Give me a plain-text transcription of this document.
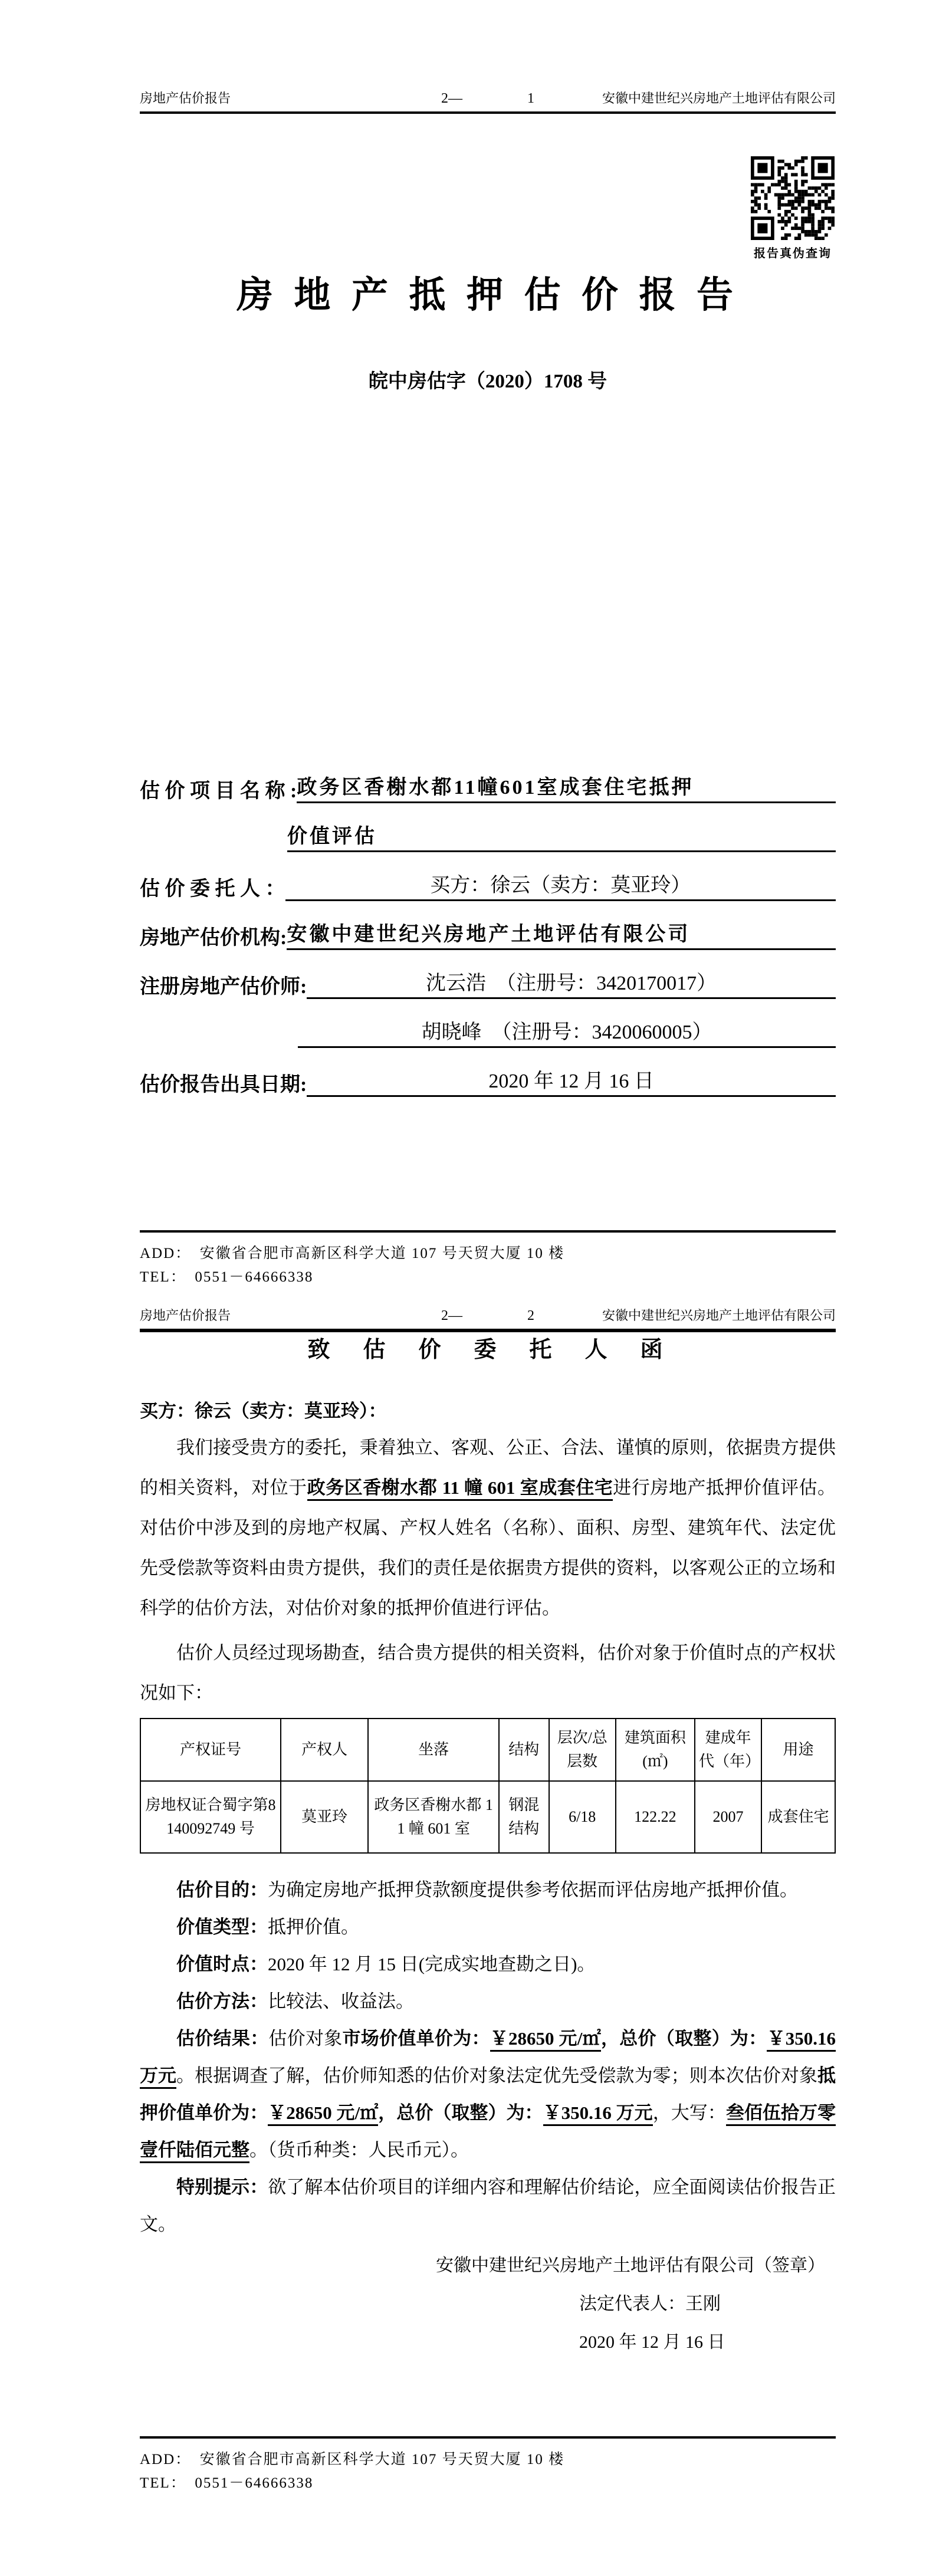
房地产估价报告	2—	1	安徽中建世纪兴房地产土地评估有限公司
报告真伪查询
房 地 产 抵 押 估 价 报 告
皖中房估字（2020）1708 号
估 价 项 目 名 称 : 政务区香榭水都11幢601室成套住宅抵押
价值评估
估 价 委 托 人 ：	买方：徐云（卖方：莫亚玲）
房地产估价机构: 安徽中建世纪兴房地产土地评估有限公司
注册房地产估价师:	沈云浩　（注册号：3420170017）
胡晓峰　（注册号：3420060005）
估价报告出具日期:	2020 年 12 月 16 日
ADD：　安徽省合肥市高新区科学大道 107 号天贸大厦 10 楼
TEL：　0551－64666338
房地产估价报告	2—	2	安徽中建世纪兴房地产土地评估有限公司
致　估　价　委　托　人　函
买方：徐云（卖方：莫亚玲）：

我们接受贵方的委托，秉着独立、客观、公正、合法、谨慎的原则，依据贵方提供的相关资料，对位于政务区香榭水都 11 幢 601 室成套住宅进行房地产抵押价值评估。对估价中涉及到的房地产权属、产权人姓名（名称）、面积、房型、建筑年代、法定优先受偿款等资料由贵方提供，我们的责任是依据贵方提供的资料，以客观公正的立场和科学的估价方法，对估价对象的抵押价值进行评估。

估价人员经过现场勘查，结合贵方提供的相关资料，估价对象于价值时点的产权状况如下：

产权证号	产权人	坐落	结构	层次/总层数	建筑面积(㎡)	建成年代（年）	用途
房地权证合蜀字第8140092749 号	莫亚玲	政务区香榭水都 11 幢 601 室	钢混结构	6/18	122.22	2007	成套住宅

估价目的：为确定房地产抵押贷款额度提供参考依据而评估房地产抵押价值。

价值类型：抵押价值。

价值时点：2020 年 12 月 15 日(完成实地查勘之日)。

估价方法：比较法、收益法。

估价结果：估价对象市场价值单价为：￥28650 元/㎡，总价（取整）为：￥350.16 万元。根据调查了解，估价师知悉的估价对象法定优先受偿款为零；则本次估价对象抵押价值单价为：￥28650 元/㎡，总价（取整）为：￥350.16 万元，大写：叁佰伍拾万零壹仟陆佰元整。（货币种类：人民币元）。

特别提示：欲了解本估价项目的详细内容和理解估价结论，应全面阅读估价报告正文。

安徽中建世纪兴房地产土地评估有限公司（签章）
法定代表人：王刚
2020 年 12 月 16 日
ADD：　安徽省合肥市高新区科学大道 107 号天贸大厦 10 楼
TEL：　0551－64666338
